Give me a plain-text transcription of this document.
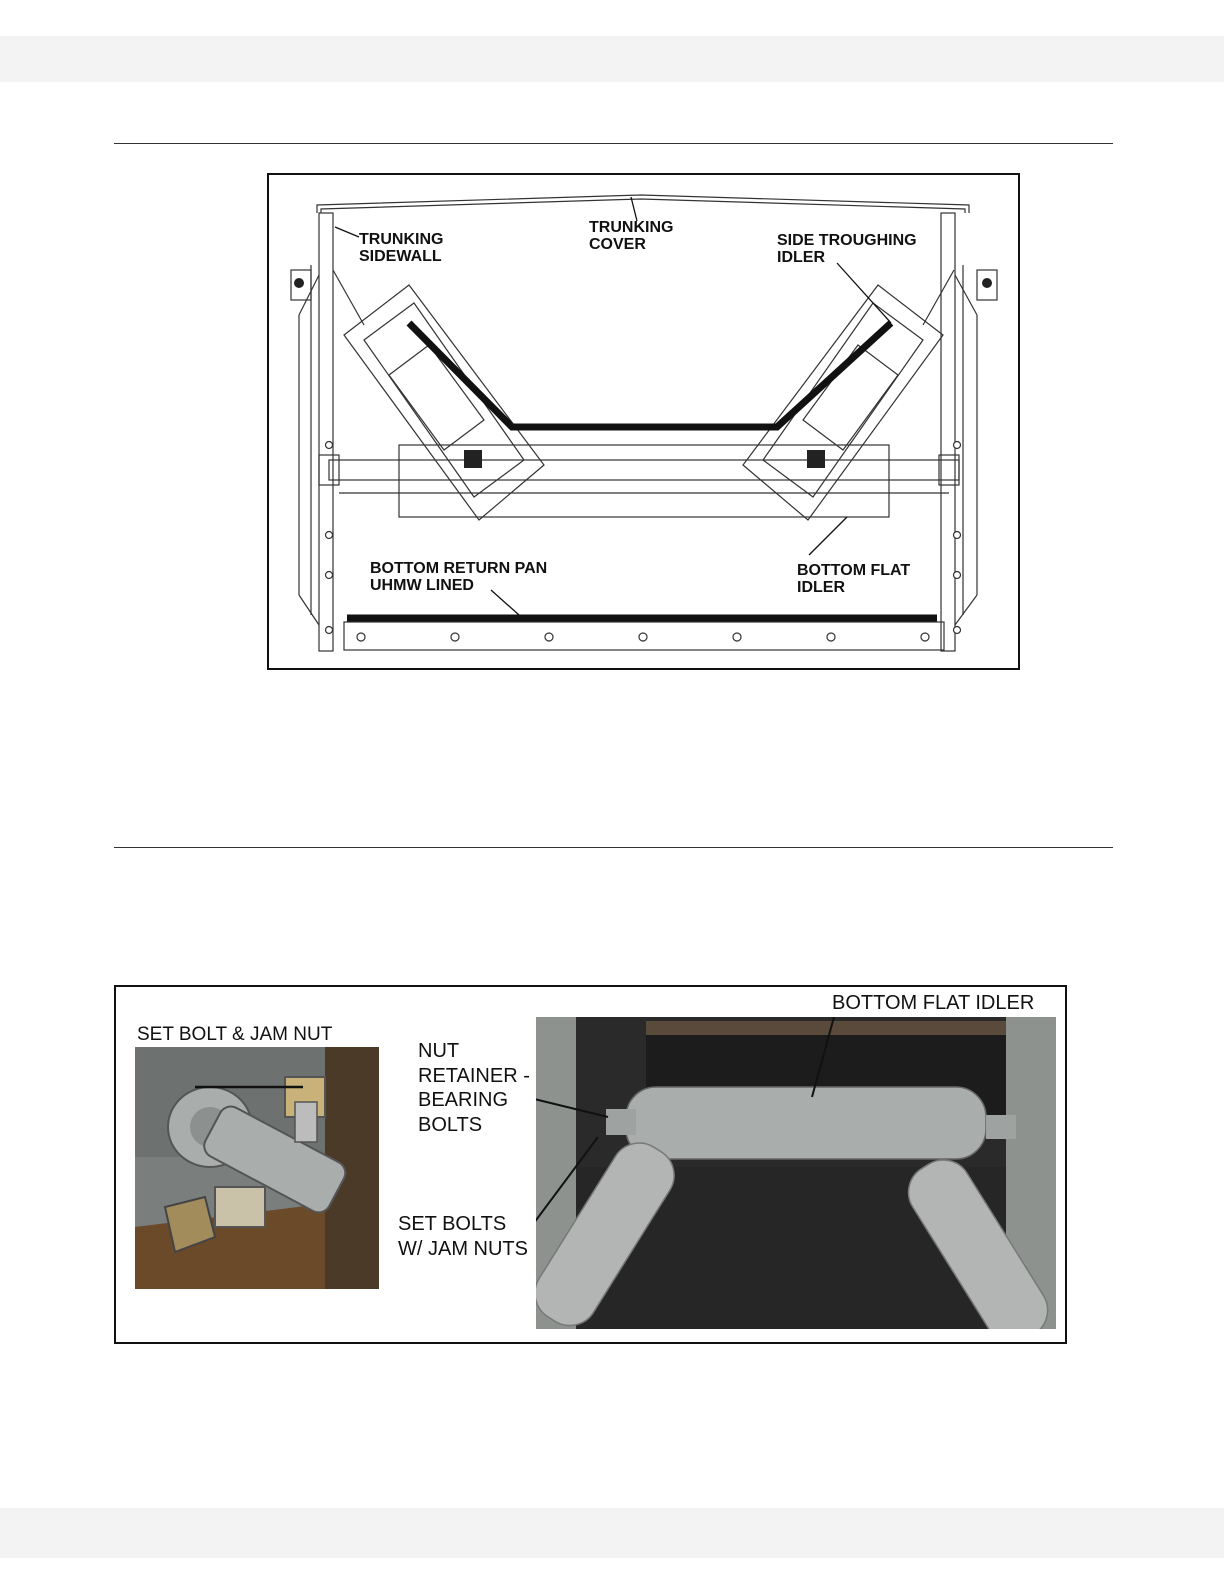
TRUNKING
SIDEWALL
TRUNKING
COVER	SIDE TROUGHING
IDLER
BOTTOM RETURN PAN
UHMW LINED
BOTTOM FLAT
IDLER
SET BOLT & JAM NUT
NUT
RETAINER -
BEARING
BOLTS
SET BOLTS
W/ JAM NUTS
BOTTOM FLAT IDLER
